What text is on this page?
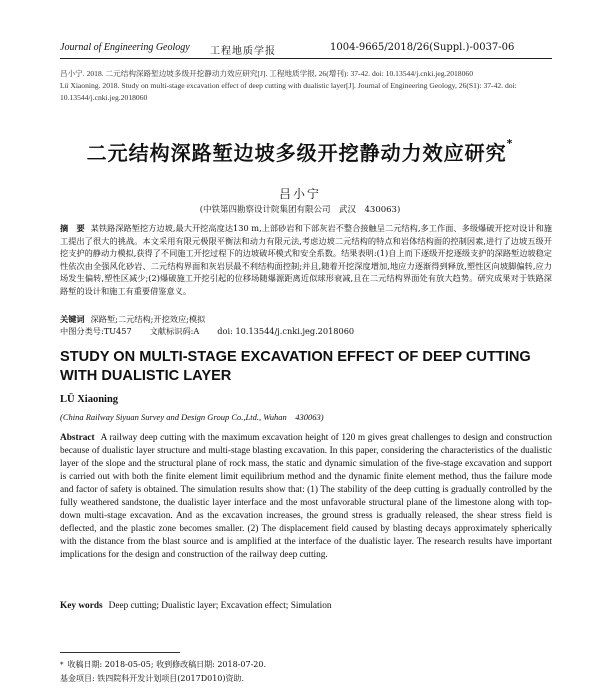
Journal of Engineering Geology 工程地质学报	1004-9665/2018/26(Suppl.)-0037-06
吕小宁. 2018. 二元结构深路堑边坡多级开挖静动力效应研究[J]. 工程地质学报, 26(增刊): 37-42. doi: 10.13544/j.cnki.jeg.2018060
Lü Xiaoning. 2018. Study on multi-stage excavation effect of deep cutting with dualistic layer[J]. Journal of Engineering Geology, 26(S1): 37-42. doi:
10.13544/j.cnki.jeg.2018060
二元结构深路堑边坡多级开挖静动力效应研究*
吕小宁
(中铁第四勘察设计院集团有限公司　武汉　430063)
摘　要 某铁路深路堑挖方边坡,最大开挖高度达130 m,上部砂岩和下部灰岩不整合接触呈二元结构,多工作面、多级爆破开挖对设计和施工提出了很大的挑战。本文采用有限元极限平衡法和动力有限元法,考虑边坡二元结构的特点和岩体结构面的控制因素,进行了边坡五级开挖支护的静动力模拟,获得了不同施工开挖过程下的边坡破坏模式和安全系数。结果表明:(1)自上而下逐级开挖逐级支护的深路堑边坡稳定性依次由全强风化砂岩、二元结构界面和灰岩层最不利结构面控制;并且,随着开挖深度增加,地应力逐渐得到释放,塑性区向坡脚偏转,应力场发生偏转,塑性区减少;(2)爆破施工开挖引起的位移场随爆源距离近似球形衰减,且在二元结构界面处有放大趋势。研究成果对于铁路深路堑的设计和施工有重要借鉴意义。
关键词 深路堑;二元结构;开挖效应;模拟
中图分类号:TU457 文献标识码:A doi: 10.13544/j.cnki.jeg.2018060
STUDY ON MULTI-STAGE EXCAVATION EFFECT OF DEEP CUTTING WITH DUALISTIC LAYER
LÜ Xiaoning
(China Railway Siyuan Survey and Design Group Co.,Ltd., Wuhan　430063)
Abstract A railway deep cutting with the maximum excavation height of 120 m gives great challenges to design and construction because of dualistic layer structure and multi-stage blasting excavation. In this paper, considering the characteristics of the dualistic layer of the slope and the structural plane of rock mass, the static and dynamic simulation of the five-stage excavation and support is carried out with both the finite element limit equilibrium method and the dynamic finite element method, thus the failure mode and factor of safety is obtained. The simulation results show that: (1) The stability of the deep cutting is gradually controlled by the fully weathered sandstone, the dualistic layer interface and the most unfavorable structural plane of the limestone along with top-down multi-stage excavation. And as the excavation increases, the ground stress is gradually released, the shear stress field is deflected, and the plastic zone becomes smaller. (2) The displacement field caused by blasting decays approximately spherically with the distance from the blast source and is amplified at the interface of the dualistic layer. The research results have important implications for the design and construction of the railway deep cutting.
Key words Deep cutting; Dualistic layer; Excavation effect; Simulation
* 收稿日期: 2018-05-05; 收到修改稿日期: 2018-07-20.
基金项目: 铁四院科开发计划项目(2017D010)资助.
